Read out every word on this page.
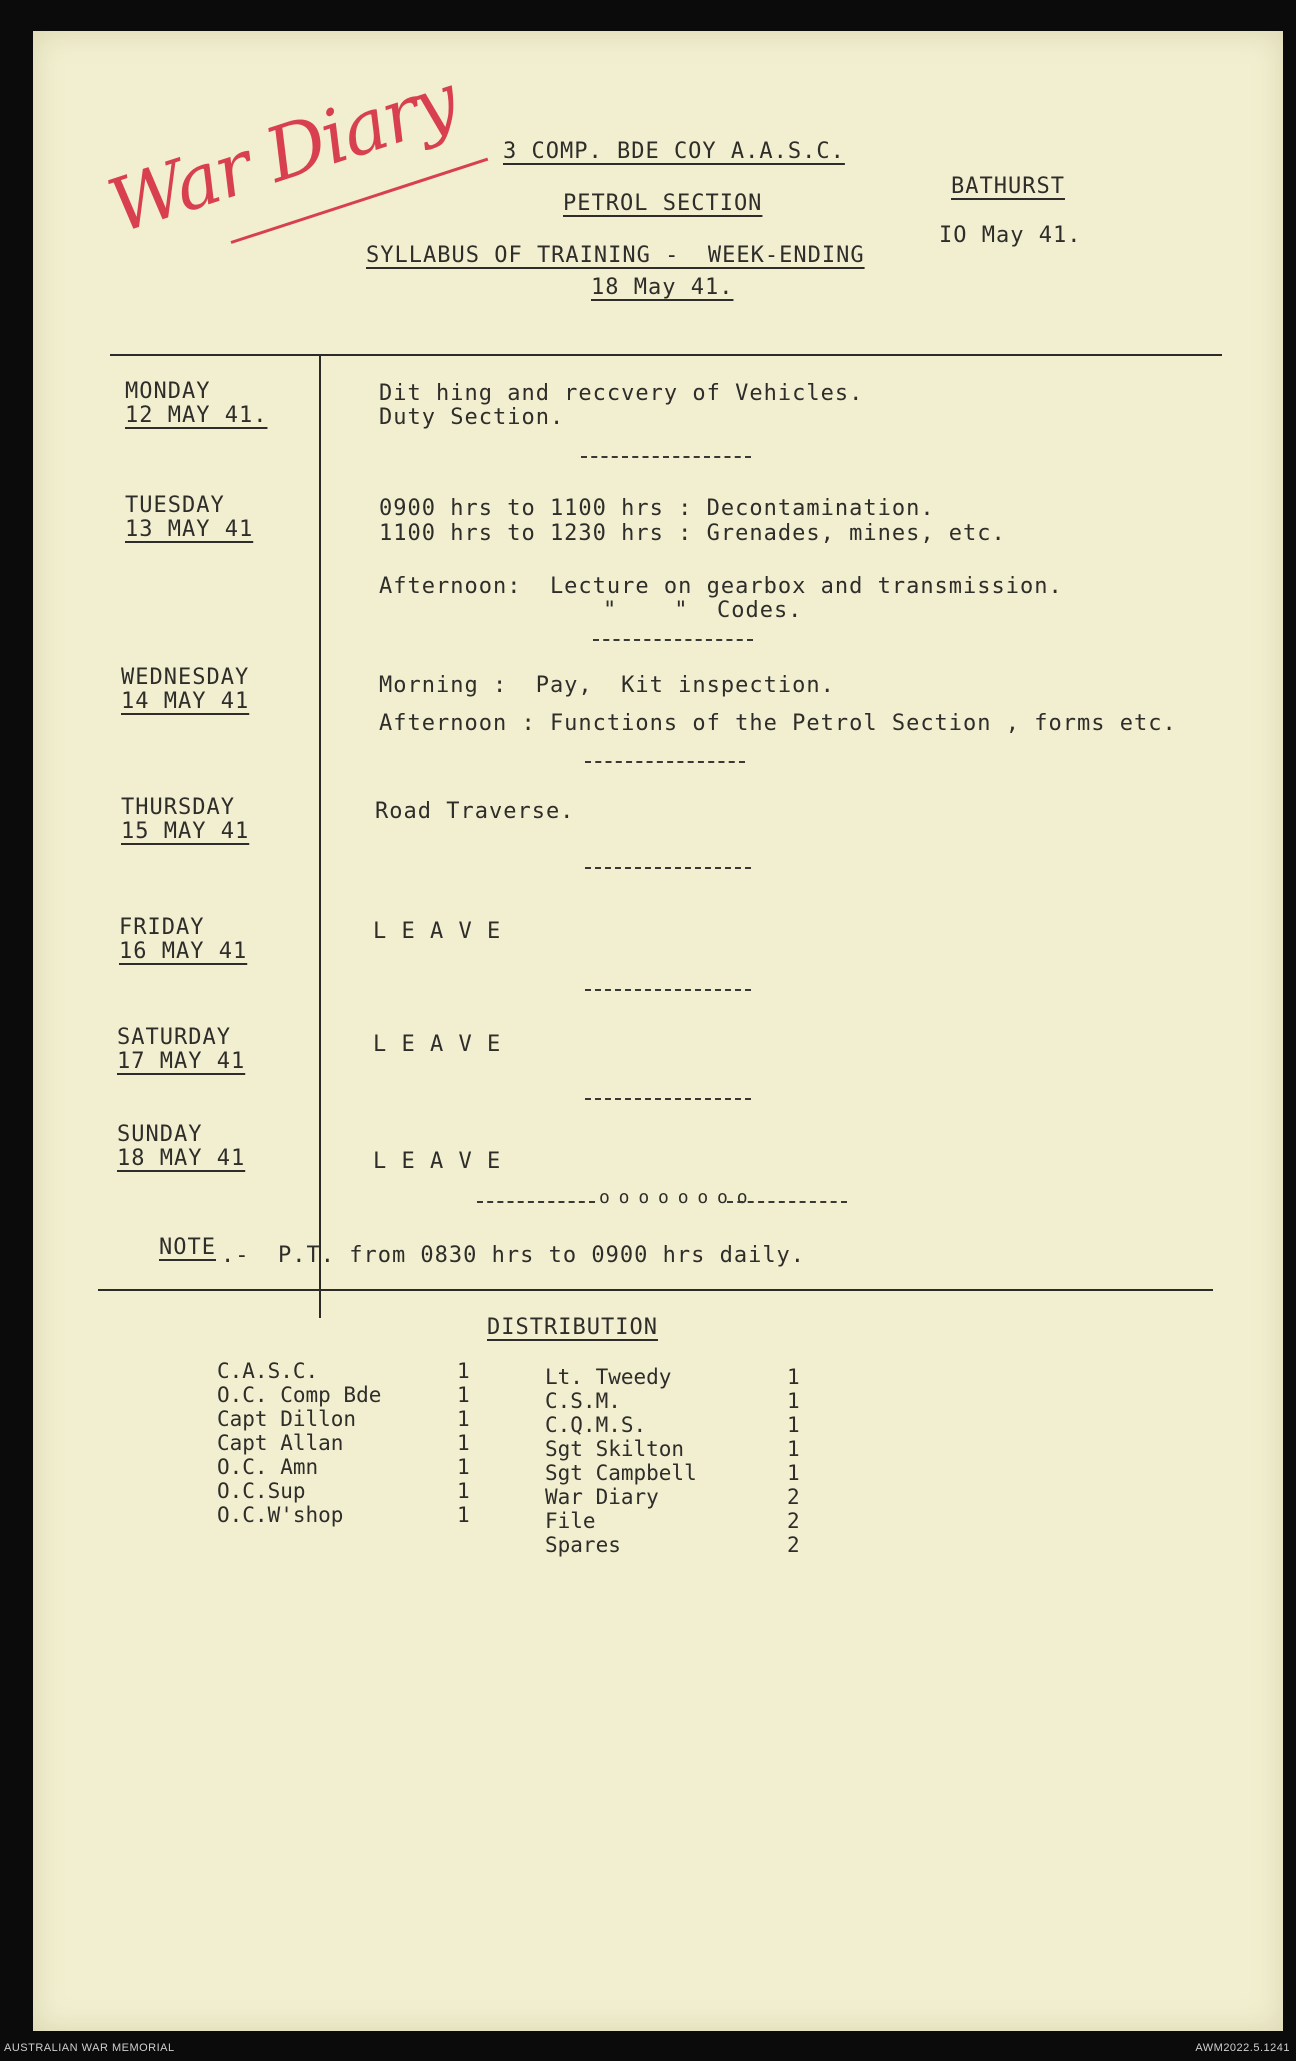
War Diary 3 COMP. BDE COY A.A.S.C.
PETROL SECTION
SYLLABUS OF TRAINING -  WEEK-ENDING
18 May 41.
BATHURST
IO May 41.
MONDAY
12 MAY 41.
Dit hing and reccvery of Vehicles.
Duty Section.
TUESDAY
13 MAY 41
0900 hrs to 1100 hrs : Decontamination.
1100 hrs to 1230 hrs : Grenades, mines, etc.
Afternoon:  Lecture on gearbox and transmission.
"    "  Codes.
WEDNESDAY
14 MAY 41
Morning :  Pay,  Kit inspection.
Afternoon : Functions of the Petrol Section , forms etc.
THURSDAY
15 MAY 41
Road Traverse.
FRIDAY
16 MAY 41
L E A V E
SATURDAY
17 MAY 41
L E A V E
SUNDAY
18 MAY 41	L E A V E
o o o o o o o o
NOTE .-  P.T. from 0830 hrs to 0900 hrs daily.
DISTRIBUTION
C.A.S.C.
O.C. Comp Bde
Capt Dillon
Capt Allan
O.C. Amn
O.C.Sup
O.C.W'shop
1
1
1
1
1
1
1
Lt. Tweedy
C.S.M.
C.Q.M.S.
Sgt Skilton
Sgt Campbell
War Diary
File
Spares
1
1
1
1
1
2
2
2
AUSTRALIAN WAR MEMORIAL	AWM2022.5.1241
